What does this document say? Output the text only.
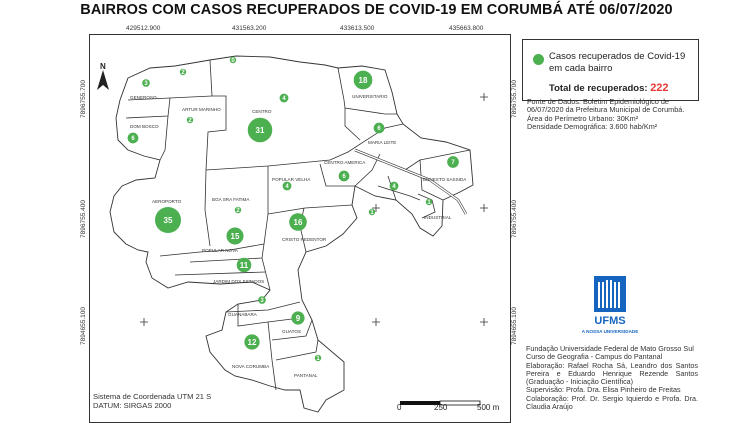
BAIRROS COM CASOS RECUPERADOS DE COVID-19 EM CORUMBÁ ATÉ 06/07/2020
429512.900	431563.200	433613.500	435663.800
7896755.700
7896755.400
7894655.100
7896755.700
7896755.400
7894655.100
GENEROSO
ARTUR MARINHO
DOM BOSCO
CENTRO
UNIVERSITARIO
MARIA LEITE
CENTRO AMERICA
POPULAR VELHA	ERNESTO SASSIDA
INDUSTRIAL
AEROPORTO	BGA SRA FATIMA
CRISTO REDENTOR
POPULAR NOVA
JARDIM DOS ESTADOS
GUANABARA
GUATOS
NOVA CORUMBA
PANTANAL
3
2
6
31
18
6
6
4
7
1
35
2
16
15
11
3
9
12
1
4
4
2
0
1
N
0	250	500 m
Casos recuperados de Covid-19 em cada bairro
Total de recuperados: 222
Fonte de Dados: Boletim Epidemiológico de 06/07/2020 da Prefeitura Municipal de Corumbá.
Área do Perímetro Urbano: 30Km²
Densidade Demográfica: 3.600 hab/Km²
UFMS
A NOSSA UNIVERSIDADE
Fundação Universidade Federal de Mato Grosso Sul
Curso de Geografia - Campus do Pantanal
Elaboração: Rafael Rocha Sá, Leandro dos Santos Pereira e Eduardo Henrique Rezende Santos (Graduação - Iniciação Científica)
Supervisão: Profa. Dra. Elisa Pinheiro de Freitas
Colaboração: Prof. Dr. Sergio Iquierdo e Profa. Dra. Claudia Araújo
Sistema de Coordenada UTM 21 S
DATUM: SIRGAS 2000
